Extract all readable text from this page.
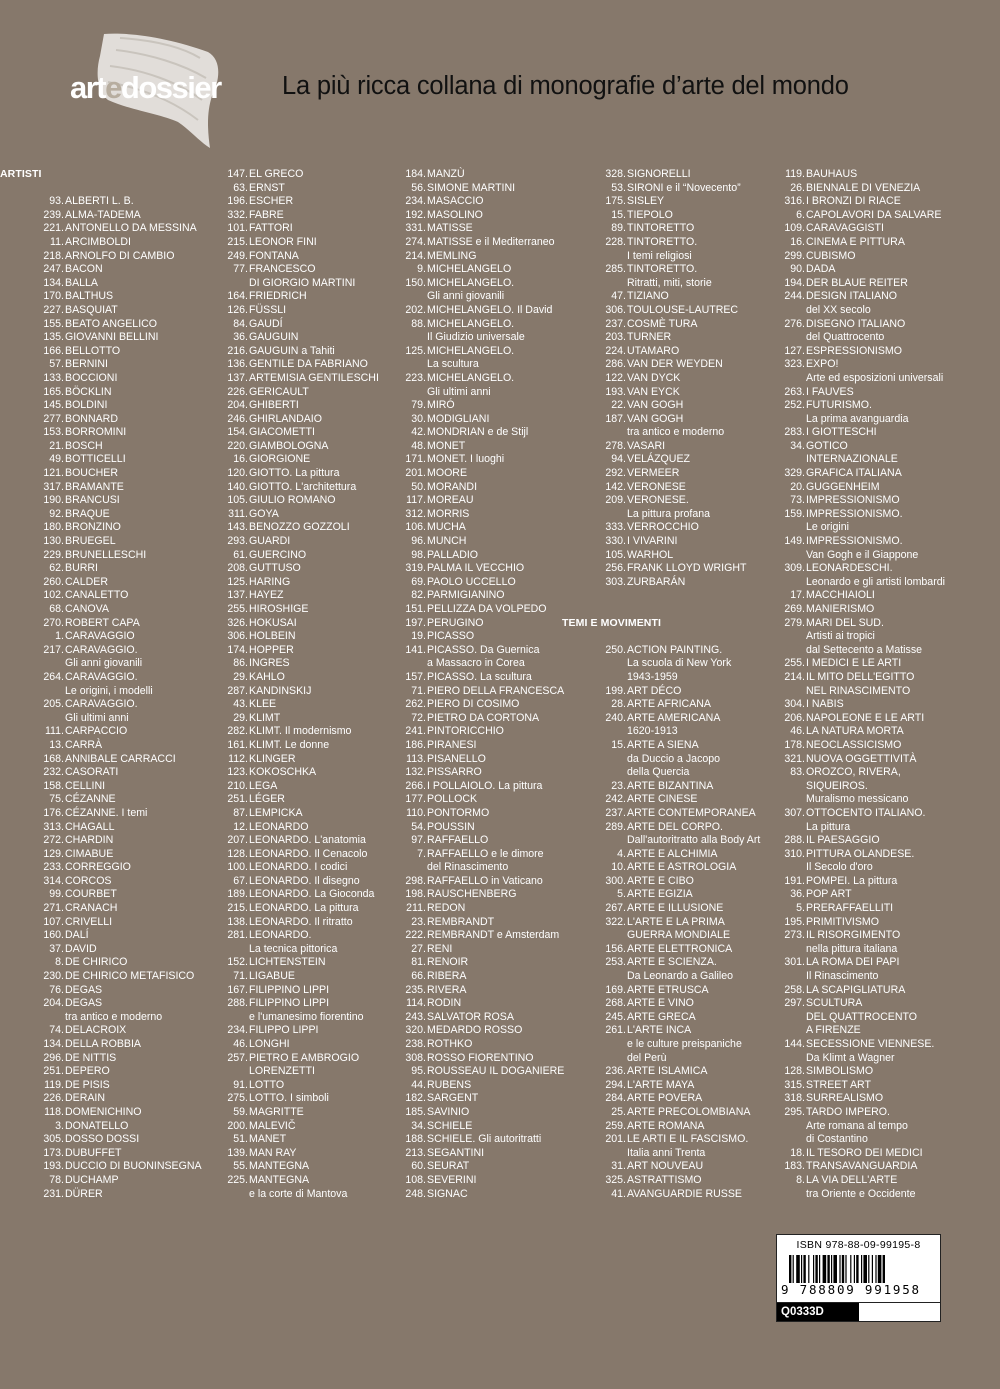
artedossier La più ricca collana di monografie d’arte del mondo
ARTISTI
93. ALBERTI L. B.
239. ALMA-TADEMA
221. ANTONELLO DA MESSINA
11. ARCIMBOLDI
218. ARNOLFO DI CAMBIO
247. BACON
134. BALLA
170. BALTHUS
227. BASQUIAT
155. BEATO ANGELICO
135. GIOVANNI BELLINI
166. BELLOTTO
57. BERNINI
133. BOCCIONI
165. BÖCKLIN
145. BOLDINI
277. BONNARD
153. BORROMINI
21. BOSCH
49. BOTTICELLI
121. BOUCHER
317. BRAMANTE
190. BRANCUSI
92. BRAQUE
180. BRONZINO
130. BRUEGEL
229. BRUNELLESCHI
62. BURRI
260. CALDER
102. CANALETTO
68. CANOVA
270. ROBERT CAPA
1. CARAVAGGIO
217. CARAVAGGIO.
Gli anni giovanili
264. CARAVAGGIO.
Le origini, i modelli
205. CARAVAGGIO.
Gli ultimi anni
111. CARPACCIO
13. CARRÀ
168. ANNIBALE CARRACCI
232. CASORATI
158. CELLINI
75. CÉZANNE
176. CÉZANNE. I temi
313. CHAGALL
272. CHARDIN
129. CIMABUE
233. CORREGGIO
314. CORCOS
99. COURBET
271. CRANACH
107. CRIVELLI
160. DALÍ
37. DAVID
8. DE CHIRICO
230. DE CHIRICO METAFISICO
76. DEGAS
204. DEGAS
tra antico e moderno
74. DELACROIX
134. DELLA ROBBIA
296. DE NITTIS
251. DEPERO
119. DE PISIS
226. DERAIN
118. DOMENICHINO
3. DONATELLO
305. DOSSO DOSSI
173. DUBUFFET
193. DUCCIO DI BUONINSEGNA
78. DUCHAMP
231. DÜRER
147. EL GRECO
63. ERNST
196. ESCHER
332. FABRE
101. FATTORI
215. LEONOR FINI
249. FONTANA
77. FRANCESCO
DI GIORGIO MARTINI
164. FRIEDRICH
126. FÜSSLI
84. GAUDÍ
36. GAUGUIN
216. GAUGUIN a Tahiti
136. GENTILE DA FABRIANO
137. ARTEMISIA GENTILESCHI
226. GERICAULT
204. GHIBERTI
246. GHIRLANDAIO
154. GIACOMETTI
220. GIAMBOLOGNA
16. GIORGIONE
120. GIOTTO. La pittura
140. GIOTTO. L'architettura
105. GIULIO ROMANO
311. GOYA
143. BENOZZO GOZZOLI
293. GUARDI
61. GUERCINO
208. GUTTUSO
125. HARING
137. HAYEZ
255. HIROSHIGE
326. HOKUSAI
306. HOLBEIN
174. HOPPER
86. INGRES
29. KAHLO
287. KANDINSKIJ
43. KLEE
29. KLIMT
282. KLIMT. Il modernismo
161. KLIMT. Le donne
112. KLINGER
123. KOKOSCHKA
210. LEGA
251. LÉGER
87. LEMPICKA
12. LEONARDO
207. LEONARDO. L'anatomia
128. LEONARDO. Il Cenacolo
100. LEONARDO. I codici
67. LEONARDO. Il disegno
189. LEONARDO. La Gioconda
215. LEONARDO. La pittura
138. LEONARDO. Il ritratto
281. LEONARDO.
La tecnica pittorica
152. LICHTENSTEIN
71. LIGABUE
167. FILIPPINO LIPPI
288. FILIPPINO LIPPI
e l'umanesimo fiorentino
234. FILIPPO LIPPI
46. LONGHI
257. PIETRO E AMBROGIO
LORENZETTI
91. LOTTO
275. LOTTO. I simboli
59. MAGRITTE
200. MALEVIČ
51. MANET
139. MAN RAY
55. MANTEGNA
225. MANTEGNA
e la corte di Mantova
184. MANZÙ
56. SIMONE MARTINI
234. MASACCIO
192. MASOLINO
331. MATISSE
274. MATISSE e il Mediterraneo
214. MEMLING
9. MICHELANGELO
150. MICHELANGELO.
Gli anni giovanili
202. MICHELANGELO. Il David
88. MICHELANGELO.
Il Giudizio universale
125. MICHELANGELO.
La scultura
223. MICHELANGELO.
Gli ultimi anni
79. MIRÓ
30. MODIGLIANI
42. MONDRIAN e de Stijl
48. MONET
171. MONET. I luoghi
201. MOORE
50. MORANDI
117. MOREAU
312. MORRIS
106. MUCHA
96. MUNCH
98. PALLADIO
319. PALMA IL VECCHIO
69. PAOLO UCCELLO
82. PARMIGIANINO
151. PELLIZZA DA VOLPEDO
197. PERUGINO
19. PICASSO
141. PICASSO. Da Guernica
a Massacro in Corea
157. PICASSO. La scultura
71. PIERO DELLA FRANCESCA
262. PIERO DI COSIMO
72. PIETRO DA CORTONA
241. PINTORICCHIO
186. PIRANESI
113. PISANELLO
132. PISSARRO
266. I POLLAIOLO. La pittura
177. POLLOCK
110. PONTORMO
54. POUSSIN
97. RAFFAELLO
7. RAFFAELLO e le dimore
del Rinascimento
298. RAFFAELLO in Vaticano
198. RAUSCHENBERG
211. REDON
23. REMBRANDT
222. REMBRANDT e Amsterdam
27. RENI
81. RENOIR
66. RIBERA
235. RIVERA
114. RODIN
243. SALVATOR ROSA
320. MEDARDO ROSSO
238. ROTHKO
308. ROSSO FIORENTINO
95. ROUSSEAU IL DOGANIERE
44. RUBENS
182. SARGENT
185. SAVINIO
34. SCHIELE
188. SCHIELE. Gli autoritratti
213. SEGANTINI
60. SEURAT
108. SEVERINI
248. SIGNAC
328. SIGNORELLI
53. SIRONI e il “Novecento”
175. SISLEY
15. TIEPOLO
89. TINTORETTO
228. TINTORETTO.
I temi religiosi
285. TINTORETTO.
Ritratti, miti, storie
47. TIZIANO
306. TOULOUSE-LAUTREC
237. COSMÈ TURA
203. TURNER
224. UTAMARO
286. VAN DER WEYDEN
122. VAN DYCK
193. VAN EYCK
22. VAN GOGH
187. VAN GOGH
tra antico e moderno
278. VASARI
94. VELÁZQUEZ
292. VERMEER
142. VERONESE
209. VERONESE.
La pittura profana
333. VERROCCHIO
330. I VIVARINI
105. WARHOL
256. FRANK LLOYD WRIGHT
303. ZURBARÁN
TEMI E MOVIMENTI
250. ACTION PAINTING.
La scuola di New York
1943-1959
199. ART DÉCO
28. ARTE AFRICANA
240. ARTE AMERICANA
1620-1913
15. ARTE A SIENA
da Duccio a Jacopo
della Quercia
23. ARTE BIZANTINA
242. ARTE CINESE
237. ARTE CONTEMPORANEA
289. ARTE DEL CORPO.
Dall'autoritratto alla Body Art
4. ARTE E ALCHIMIA
10. ARTE E ASTROLOGIA
300. ARTE E CIBO
5. ARTE EGIZIA
267. ARTE E ILLUSIONE
322. L'ARTE E LA PRIMA
GUERRA MONDIALE
156. ARTE ELETTRONICA
253. ARTE E SCIENZA.
Da Leonardo a Galileo
169. ARTE ETRUSCA
268. ARTE E VINO
245. ARTE GRECA
261. L'ARTE INCA
e le culture preispaniche
del Perù
236. ARTE ISLAMICA
294. L'ARTE MAYA
284. ARTE POVERA
25. ARTE PRECOLOMBIANA
259. ARTE ROMANA
201. LE ARTI E IL FASCISMO.
Italia anni Trenta
31. ART NOUVEAU
325. ASTRATTISMO
41. AVANGUARDIE RUSSE
119. BAUHAUS
26. BIENNALE DI VENEZIA
316. I BRONZI DI RIACE
6. CAPOLAVORI DA SALVARE
109. CARAVAGGISTI
16. CINEMA E PITTURA
299. CUBISMO
90. DADA
194. DER BLAUE REITER
244. DESIGN ITALIANO
del XX secolo
276. DISEGNO ITALIANO
del Quattrocento
127. ESPRESSIONISMO
323. EXPO!
Arte ed esposizioni universali
263. I FAUVES
252. FUTURISMO.
La prima avanguardia
283. I GIOTTESCHI
34. GOTICO
INTERNAZIONALE
329. GRAFICA ITALIANA
20. GUGGENHEIM
73. IMPRESSIONISMO
159. IMPRESSIONISMO.
Le origini
149. IMPRESSIONISMO.
Van Gogh e il Giappone
309. LEONARDESCHI.
Leonardo e gli artisti lombardi
17. MACCHIAIOLI
269. MANIERISMO
279. MARI DEL SUD.
Artisti ai tropici
dal Settecento a Matisse
255. I MEDICI E LE ARTI
214. IL MITO DELL'EGITTO
NEL RINASCIMENTO
304. I NABIS
206. NAPOLEONE E LE ARTI
46. LA NATURA MORTA
178. NEOCLASSICISMO
321. NUOVA OGGETTIVITÀ
83. OROZCO, RIVERA,
SIQUEIROS.
Muralismo messicano
307. OTTOCENTO ITALIANO.
La pittura
288. IL PAESAGGIO
310. PITTURA OLANDESE.
Il Secolo d'oro
191. POMPEI. La pittura
36. POP ART
5. PRERAFFAELLITI
195. PRIMITIVISMO
273. IL RISORGIMENTO
nella pittura italiana
301. LA ROMA DEI PAPI
Il Rinascimento
258. LA SCAPIGLIATURA
297. SCULTURA
DEL QUATTROCENTO
A FIRENZE
144. SECESSIONE VIENNESE.
Da Klimt a Wagner
128. SIMBOLISMO
315. STREET ART
318. SURREALISMO
295. TARDO IMPERO.
Arte romana al tempo
di Costantino
18. IL TESORO DEI MEDICI
183. TRANSAVANGUARDIA
8. LA VIA DELL'ARTE
tra Oriente e Occidente
ISBN 978-88-09-99195-8
9 788809 991958
Q0333D
